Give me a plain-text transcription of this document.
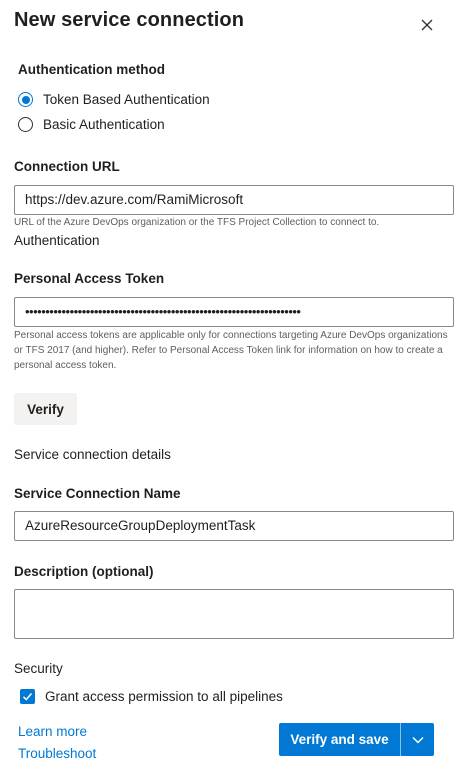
New service connection
Authentication method
Token Based Authentication
Basic Authentication
Connection URL
https://dev.azure.com/RamiMicrosoft
URL of the Azure DevOps organization or the TFS Project Collection to connect to.
Authentication
Personal Access Token
••••••••••••••••••••••••••••••••••••••••••••••••••••••••••••••••••••
Personal access tokens are applicable only for connections targeting Azure DevOps organizations or TFS 2017 (and higher). Refer to Personal Access Token link for information on how to create a personal access token.
Verify
Service connection details
Service Connection Name
AzureResourceGroupDeploymentTask
Description (optional)
Security
Grant access permission to all pipelines
Learn more
Troubleshoot
Verify and save
